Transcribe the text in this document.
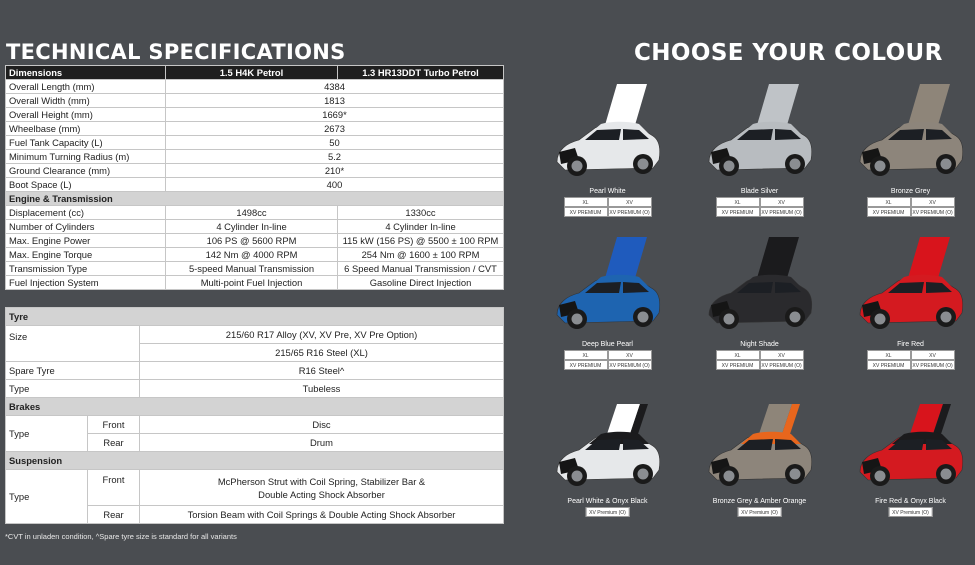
TECHNICAL SPECIFICATIONS	CHOOSE YOUR COLOUR
Dimensions	1.5 H4K Petrol	1.3 HR13DDT Turbo Petrol
Overall Length (mm)	4384	
Overall Width (mm)	1813	
Overall Height (mm)	1669*	
Wheelbase (mm)	2673	
Fuel Tank Capacity (L)	50	
Minimum Turning Radius (m)	5.2	
Ground Clearance (mm)	210*	
Boot Space (L)	400	
Engine & Transmission		
Displacement (cc)	1498cc	1330cc
Number of Cylinders	4 Cylinder In-line	4 Cylinder In-line
Max. Engine Power	106 PS @ 5600 RPM	115 kW (156 PS) @ 5500 ± 100 RPM
Max. Engine Torque	142 Nm @ 4000 RPM	254 Nm @ 1600 ± 100 RPM
Transmission Type	5-speed Manual Transmission	6 Speed Manual Transmission / CVT
Fuel Injection System	Multi-point Fuel Injection	Gasoline Direct Injection
Tyre		
Size		215/60 R17 Alloy (XV, XV Pre, XV Pre Option)
		215/65 R16 Steel (XL)
Spare Tyre		R16 Steel^
Type		Tubeless
Brakes		
Type	Front	Disc
	Rear	Drum
Suspension		
Type	Front	McPherson Strut with Coil Spring, Stabilizer Bar &
Double Acting Shock Absorber
	Rear	Torsion Beam with Coil Springs & Double Acting Shock Absorber
*CVT in unladen condition, ^Spare tyre size is standard for all variants
Pearl White
XL	XV
XV PREMIUM	XV PREMIUM (O)
Blade Silver
XL	XV
XV PREMIUM	XV PREMIUM (O)
Bronze Grey
XL	XV
XV PREMIUM	XV PREMIUM (O)
Deep Blue Pearl
XL	XV
XV PREMIUM	XV PREMIUM (O)
Night Shade
XL	XV
XV PREMIUM	XV PREMIUM (O)
Fire Red
XL	XV
XV PREMIUM	XV PREMIUM (O)
Pearl White & Onyx Black
XV Premium (O)
Bronze Grey & Amber Orange
XV Premium (O)
Fire Red & Onyx Black
XV Premium (O)
